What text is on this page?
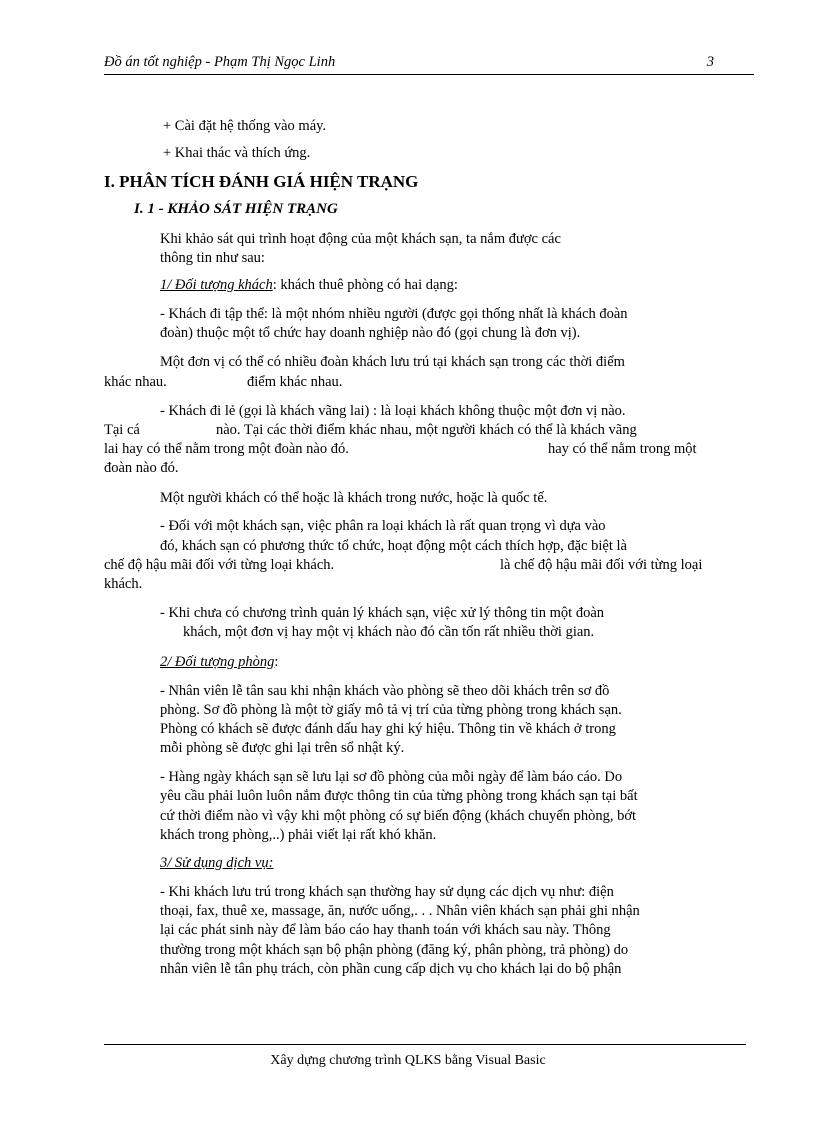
Đồ án tốt nghiệp - Phạm Thị Ngọc Linh	3
+ Cài đặt hệ thống vào máy.
+ Khai thác và thích ứng.
Khi khảo sát qui trình hoạt động của một khách sạn, ta nắm được các
thông tin như sau:
- Khách đi tập thể: là một nhóm nhiều người (được gọi thống nhất là khách đoàn
đoàn) thuộc một tổ chức hay doanh nghiệp nào đó (gọi chung là đơn vị).
Một đơn vị có thể có nhiều đoàn khách lưu trú tại khách sạn trong các thời điểm
khác nhau.	điểm khác nhau.
- Khách đi lẻ (gọi là khách vãng lai) : là loại khách không thuộc một đơn vị nào.
Tại cá	nào. Tại các thời điểm khác nhau, một người khách có thể là khách vãng
lai hay có thể nằm trong một đoàn nào đó.	hay có thể nằm trong một
đoàn nào đó.
Một người khách có thể hoặc là khách trong nước, hoặc là quốc tế.
- Đối với một khách sạn, việc phân ra loại khách là rất quan trọng vì dựa vào
đó, khách sạn có phương thức tổ chức, hoạt động một cách thích hợp, đặc biệt là
chế độ hậu mãi đối với từng loại khách.	là chế độ hậu mãi đối với từng loại
khách.
- Khi chưa có chương trình quản lý khách sạn, việc xử lý thông tin một đoàn
khách, một đơn vị hay một vị khách nào đó cần tốn rất nhiều thời gian.
- Nhân viên lễ tân sau khi nhận khách vào phòng sẽ theo dõi khách trên sơ đồ
phòng. Sơ đồ phòng là một tờ giấy mô tả vị trí của từng phòng trong khách sạn.
Phòng có khách sẽ được đánh dấu hay ghi ký hiệu. Thông tin về khách ở trong
mỗi phòng sẽ được ghi lại trên sổ nhật ký.
- Hàng ngày khách sạn sẽ lưu lại sơ đồ phòng của mỗi ngày để làm báo cáo. Do
yêu cầu phải luôn luôn nắm được thông tin của từng phòng trong khách sạn tại bất
cứ thời điểm nào vì vậy khi một phòng có sự biến động (khách chuyển phòng, bớt
khách trong phòng,..) phải viết lại rất khó khăn.
- Khi khách lưu trú trong khách sạn thường hay sử dụng các dịch vụ như: điện
thoại, fax, thuê xe, massage, ăn, nước uống,. . . Nhân viên khách sạn phải ghi nhận
lại các phát sinh này để làm báo cáo hay thanh toán với khách sau này. Thông
thường trong một khách sạn bộ phận phòng (đăng ký, phân phòng, trả phòng) do
nhân viên lễ tân phụ trách, còn phần cung cấp dịch vụ cho khách lại do bộ phận
I. PHÂN TÍCH ĐÁNH GIÁ HIỆN TRẠNG
I. 1 - KHẢO SÁT HIỆN TRẠNG
1/ Đối tượng khách: khách thuê phòng có hai dạng:
2/ Đối tượng phòng:
3/ Sử dụng dịch vụ:
Xây dựng chương trình QLKS bằng Visual Basic
